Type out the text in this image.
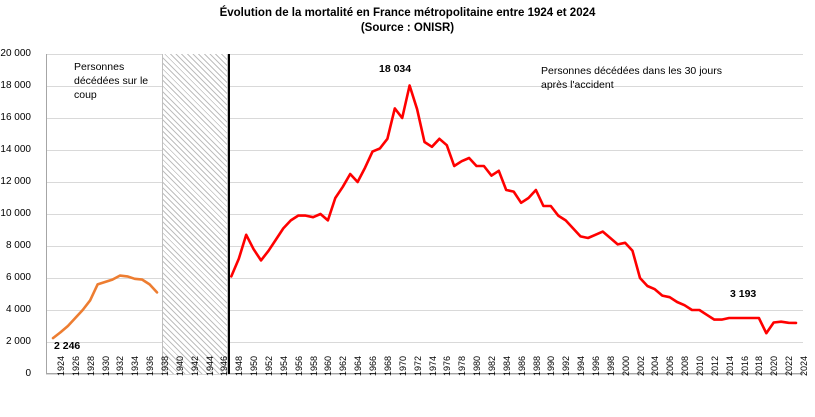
Évolution de la mortalité en France métropolitaine entre 1924 et 2024
(Source : ONISR)
Personnes décédées sur le coup
Personnes décédées dans les 30 jours après l'accident
18 034
2 246
3 193
0
2 000
4 000
6 000
8 000
10 000
12 000
14 000
16 000
18 000
20 000
1924 1926 1928 1930 1932 1934 1936 1938 1940 1942 1944 1946 1948 1950 1952 1954 1956 1958 1960 1962 1964 1966 1968 1970 1972 1974 1976 1978 1980 1982 1984 1986 1988 1990 1992 1994 1996 1998 2000 2002 2004 2006 2008 2010 2012 2014 2016 2018 2020 2022 2024
